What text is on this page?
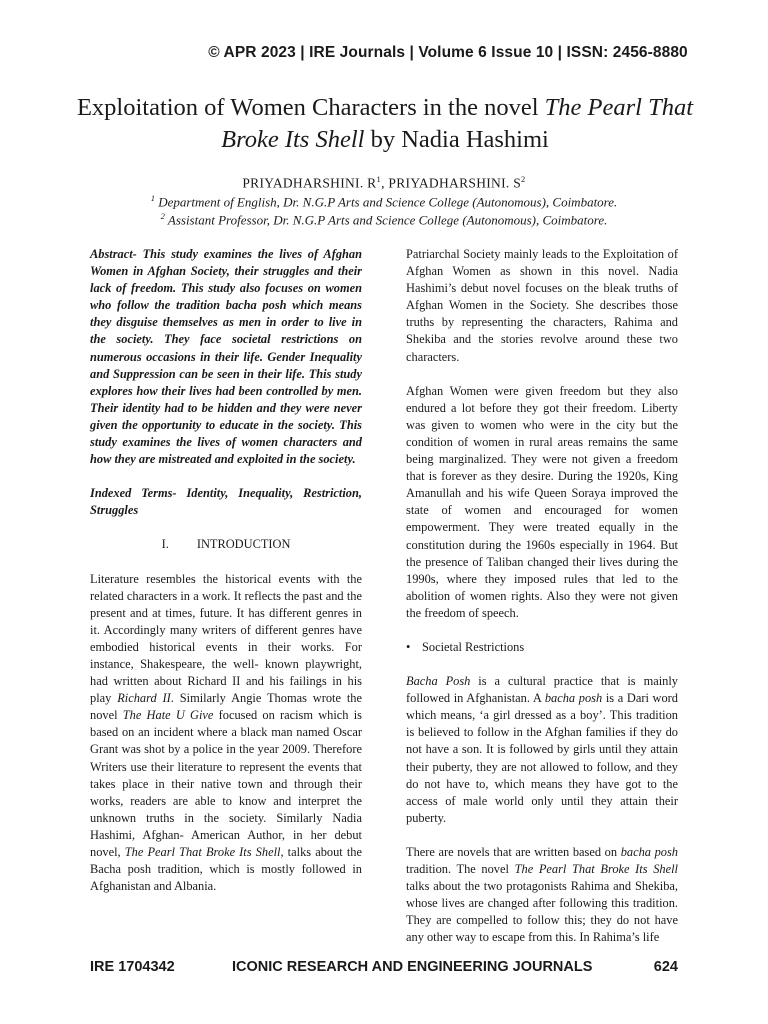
© APR 2023 | IRE Journals | Volume 6 Issue 10 | ISSN: 2456-8880
Exploitation of Women Characters in the novel The Pearl That Broke Its Shell by Nadia Hashimi
PRIYADHARSHINI. $R^1$, PRIYADHARSHINI. $S^2$
$^1$ Department of English, Dr. N.G.P Arts and Science College (Autonomous), Coimbatore.
$^2$ Assistant Professor, Dr. N.G.P Arts and Science College (Autonomous), Coimbatore.

Abstract- This study examines the lives of Afghan Women in Afghan Society, their struggles and their lack of freedom. This study also focuses on women who follow the tradition bacha posh which means they disguise themselves as men in order to live in the society. They face societal restrictions on numerous occasions in their life. Gender Inequality and Suppression can be seen in their life. This study explores how their lives had been controlled by men. Their identity had to be hidden and they were never given the opportunity to educate in the society. This study examines the lives of women characters and how they are mistreated and exploited in the society.

Indexed Terms- Identity, Inequality, Restriction, Struggles

I. INTRODUCTION

Literature resembles the historical events with the related characters in a work. It reflects the past and the present and at times, future. It has different genres in it. Accordingly many writers of different genres have embodied historical events in their works. For instance, Shakespeare, the well- known playwright, had written about Richard II and his failings in his play Richard II. Similarly Angie Thomas wrote the novel The Hate U Give focused on racism which is based on an incident where a black man named Oscar Grant was shot by a police in the year 2009. Therefore Writers use their literature to represent the events that takes place in their native town and through their works, readers are able to know and interpret the unknown truths in the society. Similarly Nadia Hashimi, Afghan- American Author, in her debut novel, The Pearl That Broke Its Shell, talks about the Bacha posh tradition, which is mostly followed in Afghanistan and Albania.

Patriarchal Society mainly leads to the Exploitation of Afghan Women as shown in this novel. Nadia Hashimi’s debut novel focuses on the bleak truths of Afghan Women in the Society. She describes those truths by representing the characters, Rahima and Shekiba and the stories revolve around these two characters.

Afghan Women were given freedom but they also endured a lot before they got their freedom. Liberty was given to women who were in the city but the condition of women in rural areas remains the same being marginalized. They were not given a freedom that is forever as they desire. During the 1920s, King Amanullah and his wife Queen Soraya improved the state of women and encouraged for women empowerment. They were treated equally in the constitution during the 1960s especially in 1964. But the presence of Taliban changed their lives during the 1990s, where they imposed rules that led to the abolition of women rights. Also they were not given the freedom of speech.

• Societal Restrictions

Bacha Posh is a cultural practice that is mainly followed in Afghanistan. A bacha posh is a Dari word which means, ‘a girl dressed as a boy’. This tradition is believed to follow in the Afghan families if they do not have a son. It is followed by girls until they attain their puberty, they are not allowed to follow, and they do not have to, which means they have got to the access of male world only until they attain their puberty.

There are novels that are written based on bacha posh tradition. The novel The Pearl That Broke Its Shell talks about the two protagonists Rahima and Shekiba, whose lives are changed after following this tradition. They are compelled to follow this; they do not have any other way to escape from this. In Rahima’s life

IRE 1704342	ICONIC RESEARCH AND ENGINEERING JOURNALS	624
